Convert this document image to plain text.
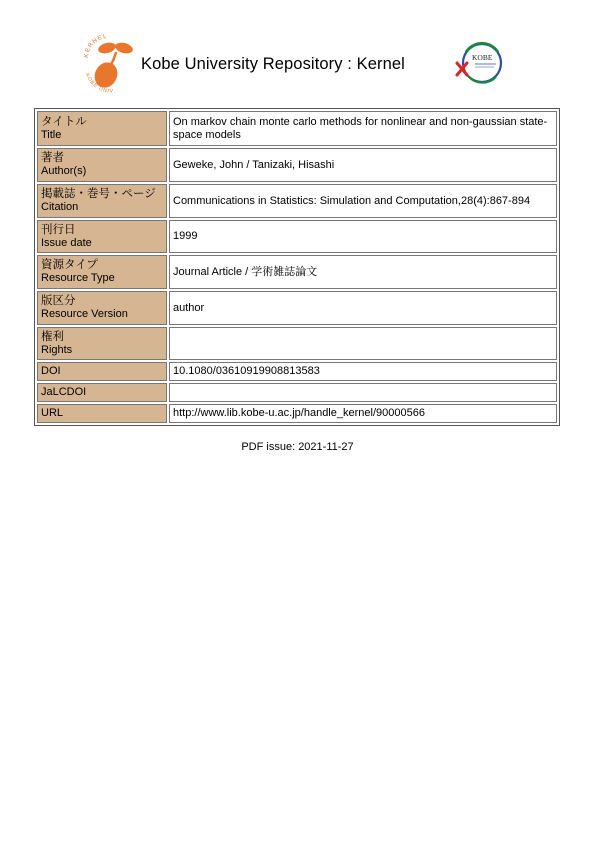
KERNEL
KOBE UNIV.
Kobe University Repository : Kernel	KOBE
タイトル
Title	On markov chain monte carlo methods for nonlinear and non-gaussian state-space models

著者
Author(s)	Geweke, John / Tanizaki, Hisashi

掲載誌・巻号・ページ
Citation	Communications in Statistics: Simulation and Computation,28(4):867-894

刊行日
Issue date	1999

資源タイプ
Resource Type	Journal Article / 学術雑誌論文

版区分
Resource Version	author

権利
Rights	

DOI	10.1080/03610919908813583

JaLCDOI	

URL	http://www.lib.kobe-u.ac.jp/handle_kernel/90000566
PDF issue: 2021-11-27
